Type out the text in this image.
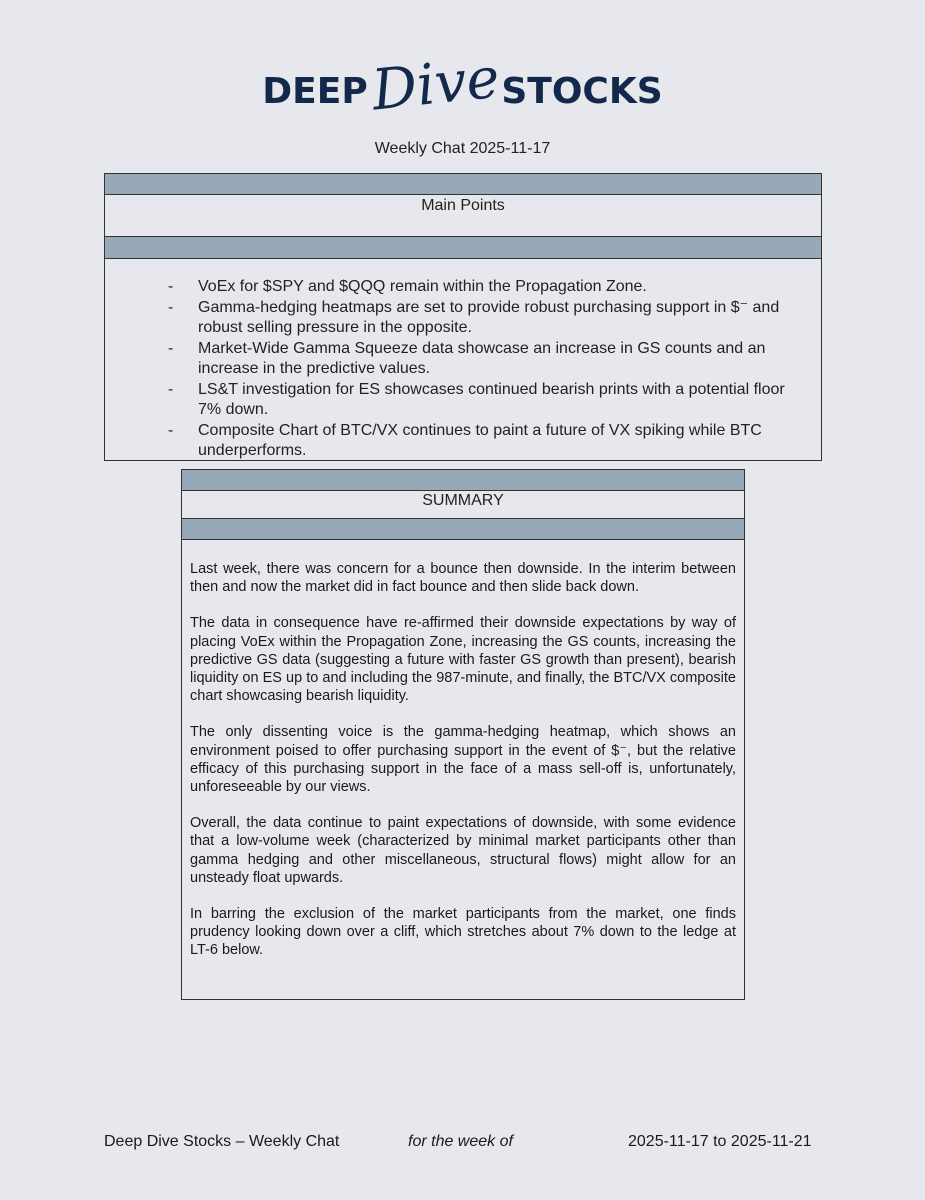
DEEP Dive STOCKS
Weekly Chat 2025-11-17
Main Points
- VoEx for $SPY and $QQQ remain within the Propagation Zone.
- Gamma-hedging heatmaps are set to provide robust purchasing support in $⁻ and robust selling pressure in the opposite.
- Market-Wide Gamma Squeeze data showcase an increase in GS counts and an increase in the predictive values.
- LS&T investigation for ES showcases continued bearish prints with a potential floor 7% down.
- Composite Chart of BTC/VX continues to paint a future of VX spiking while BTC underperforms.
SUMMARY

Last week, there was concern for a bounce then downside. In the interim between then and now the market did in fact bounce and then slide back down.

The data in consequence have re-affirmed their downside expectations by way of placing VoEx within the Propagation Zone, increasing the GS counts, increasing the predictive GS data (suggesting a future with faster GS growth than present), bearish liquidity on ES up to and including the 987-minute, and finally, the BTC/VX composite chart showcasing bearish liquidity.

The only dissenting voice is the gamma-hedging heatmap, which shows an environment poised to offer purchasing support in the event of $⁻, but the relative efficacy of this purchasing support in the face of a mass sell-off is, unfortunately, unforeseeable by our views.

Overall, the data continue to paint expectations of downside, with some evidence that a low-volume week (characterized by minimal market participants other than gamma hedging and other miscellaneous, structural flows) might allow for an unsteady float upwards.

In barring the exclusion of the market participants from the market, one finds prudency looking down over a cliff, which stretches about 7% down to the ledge at LT-6 below.

Deep Dive Stocks – Weekly Chat	for the week of	2025-11-17 to 2025-11-21
